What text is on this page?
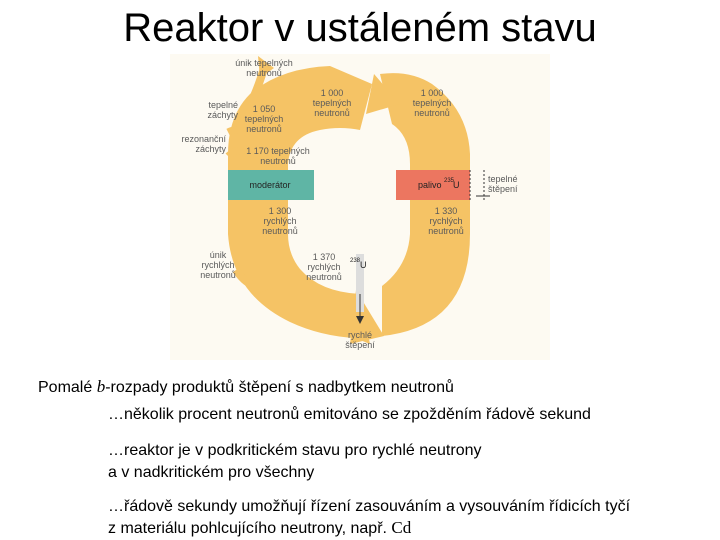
Reaktor v ustáleném stavu
moderátor	palivo 235
U
únik tepelných
neutronů
tepelné
záchyty
rezonanční
záchyty
1 050
tepelných
neutronů
1 000
tepelných
neutronů
1 000
tepelných
neutronů
1 170 tepelných
neutronů
tepelné
štěpení
1 300
rychlých
neutronů
1 330
rychlých
neutronů
únik
rychlých
neutronů
1 370
rychlých
neutronů
238 U
rychlé
štěpení
Pomalé b-rozpady produktů štěpení s nadbytkem neutronů
…několik procent neutronů emitováno se zpožděním řádově sekund
…reaktor je v podkritickém stavu pro rychlé neutrony
a v nadkritickém pro všechny
…řádově sekundy umožňují řízení zasouváním a vysouváním řídicích tyčí
z materiálu pohlcujícího neutrony, např. Cd
